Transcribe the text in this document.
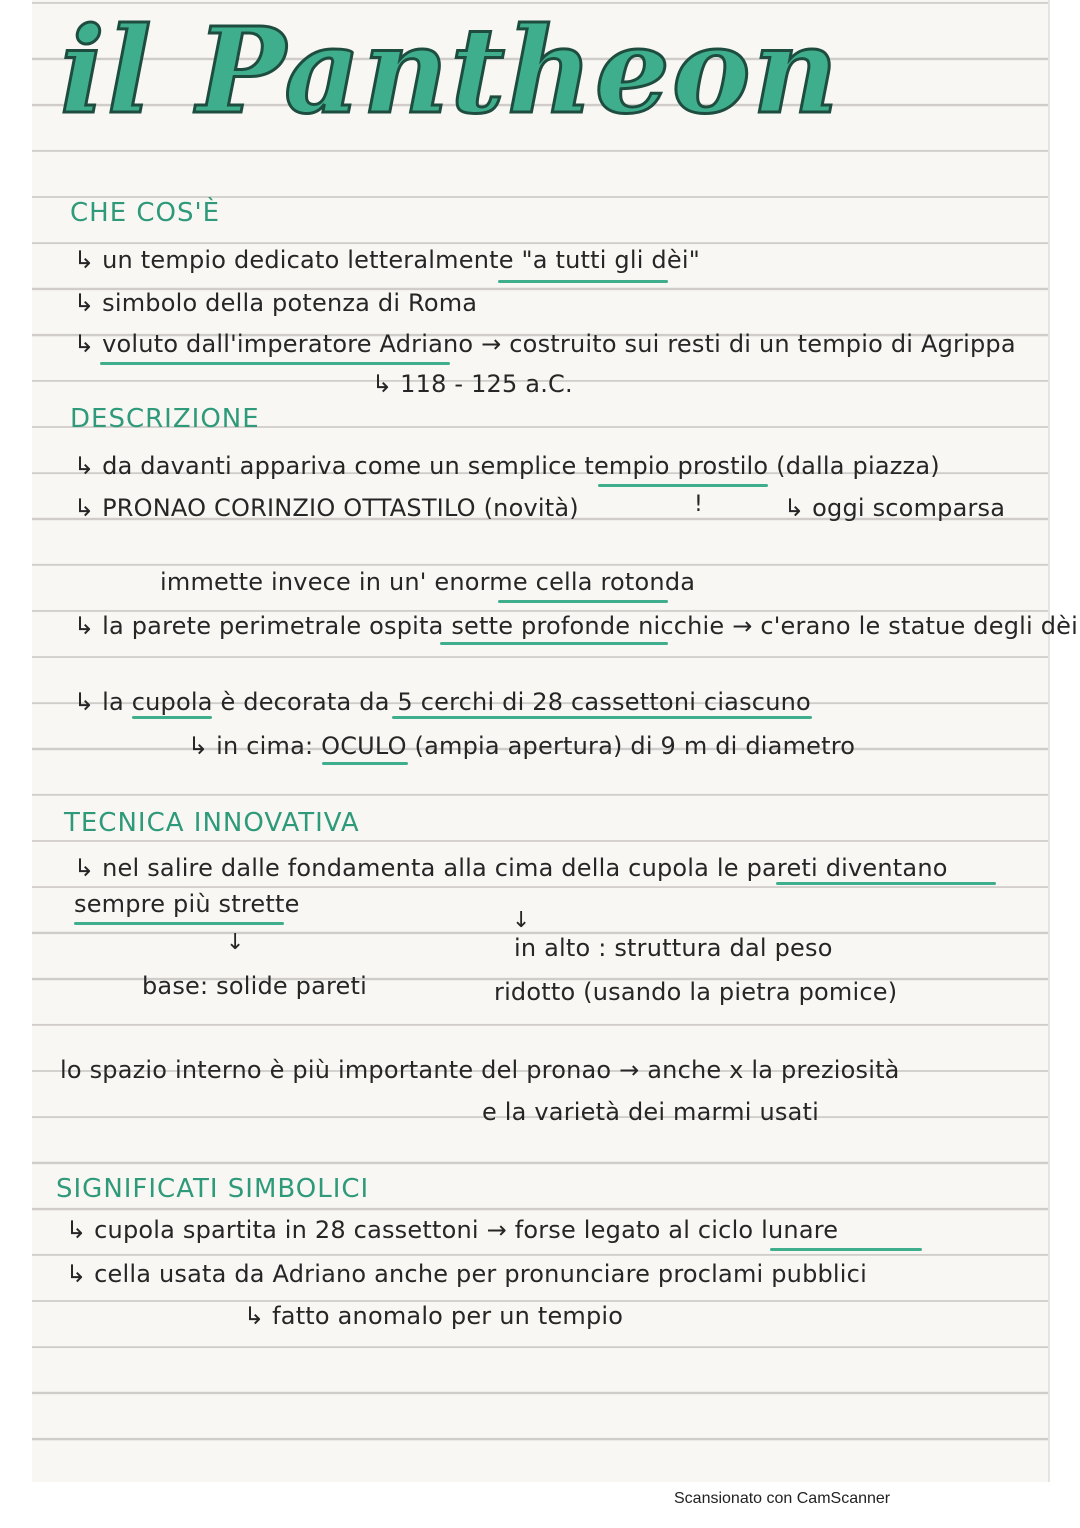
il Pantheon
CHE COS'È
↳ un tempio dedicato letteralmente "a tutti gli dèi"
↳ simbolo della potenza di Roma
↳ voluto dall'imperatore Adriano → costruito sui resti di un tempio di Agrippa
↳ 118 - 125 a.C.
DESCRIZIONE
↳ da davanti appariva come un semplice tempio prostilo (dalla piazza)
↳ PRONAO CORINZIO OTTASTILO (novità)	↳ oggi scomparsa
!
immette invece in un' enorme cella rotonda
↳ la parete perimetrale ospita sette profonde nicchie → c'erano le statue degli dèi
↳ la cupola è decorata da 5 cerchi di 28 cassettoni ciascuno
↳ in cima: OCULO (ampia apertura) di 9 m di diametro
TECNICA INNOVATIVA
↳ nel salire dalle fondamenta alla cima della cupola le pareti diventano
sempre più strette
↓
base: solide pareti
↓
in alto : struttura dal peso
ridotto (usando la pietra pomice)
lo spazio interno è più importante del pronao → anche x la preziosità
e la varietà dei marmi usati
SIGNIFICATI SIMBOLICI
↳ cupola spartita in 28 cassettoni → forse legato al ciclo lunare
↳ cella usata da Adriano anche per pronunciare proclami pubblici
↳ fatto anomalo per un tempio
Scansionato con CamScanner
